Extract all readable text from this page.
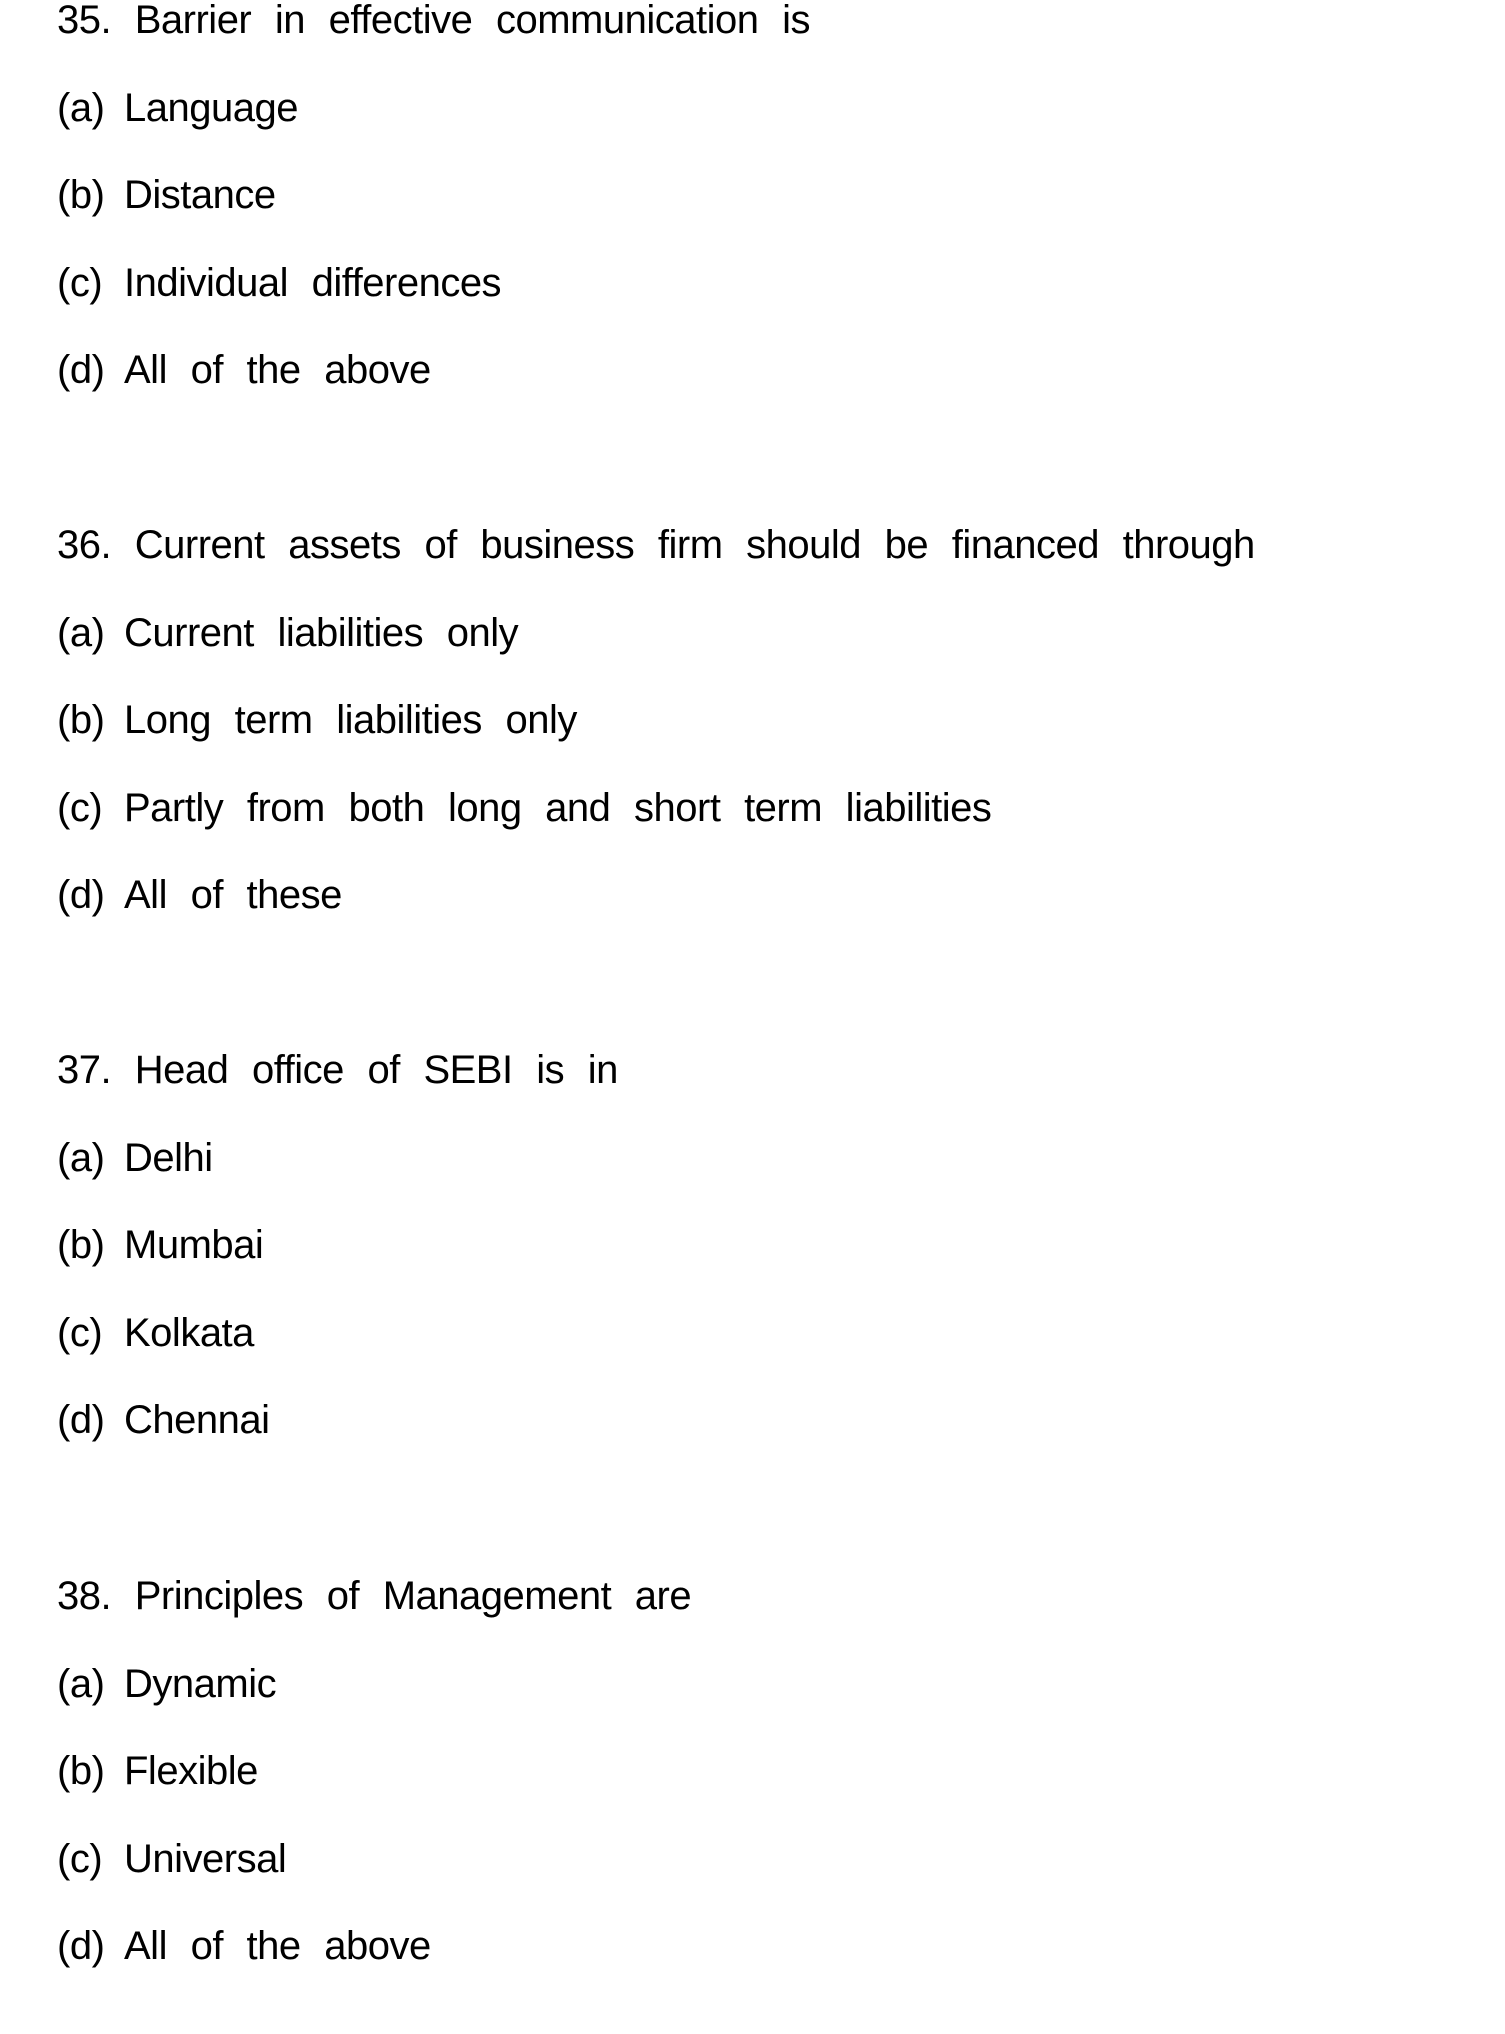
35. Barrier in effective communication is
(a) Language
(b) Distance
(c) Individual differences
(d) All of the above
36. Current assets of business firm should be financed through
(a) Current liabilities only
(b) Long term liabilities only
(c) Partly from both long and short term liabilities
(d) All of these
37. Head office of SEBI is in
(a) Delhi
(b) Mumbai
(c) Kolkata
(d) Chennai
38. Principles of Management are
(a) Dynamic
(b) Flexible
(c) Universal
(d) All of the above
